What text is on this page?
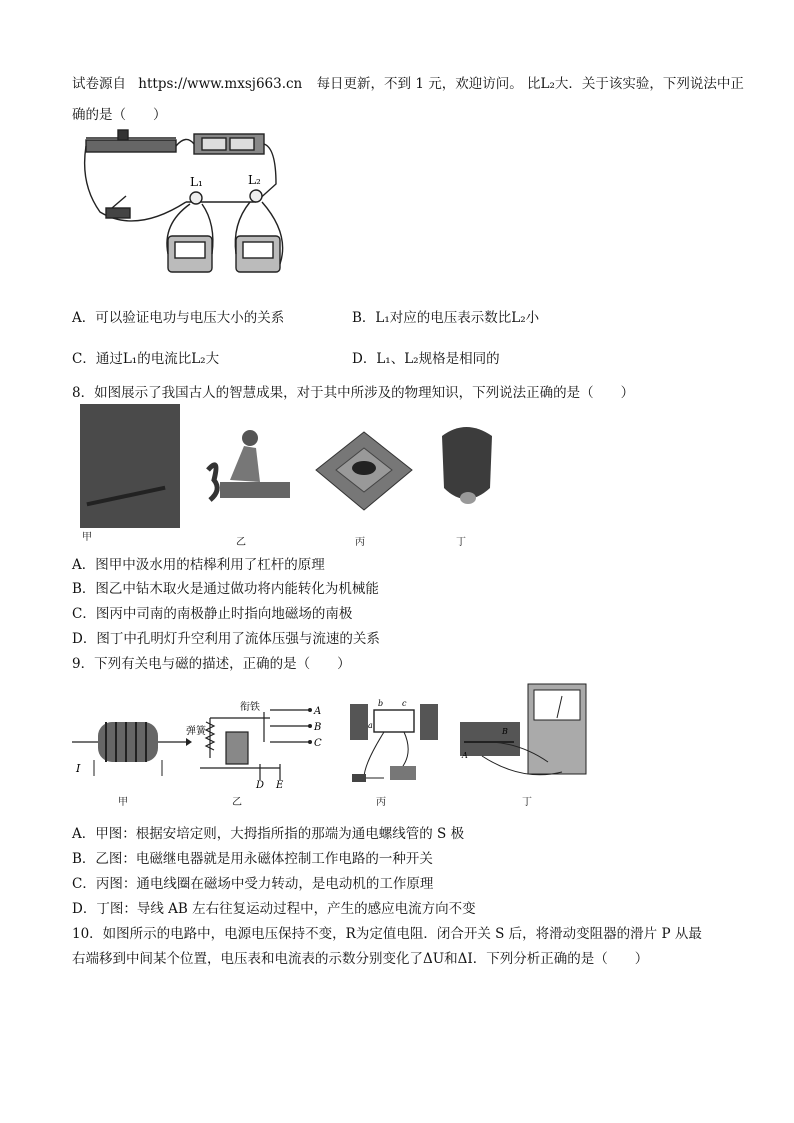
试卷源自 https://www.mxsj663.cn 每日更新，不到 1 元，欢迎访问。 比L₂大．关于该实验，下列说法中正
确的是（　　）
L₁	L₂
A．可以验证电功与电压大小的关系	B．L₁对应的电压表示数比L₂小
C．通过L₁的电流比L₂大	D．L₁、L₂规格是相同的
8．如图展示了我国古人的智慧成果，对于其中所涉及的物理知识，下列说法正确的是（　　）
甲	乙	丙	丁
A．图甲中汲水用的桔槔利用了杠杆的原理
B．图乙中钻木取火是通过做功将内能转化为机械能
C．图丙中司南的南极静止时指向地磁场的南极
D．图丁中孔明灯升空利用了流体压强与流速的关系
9．下列有关电与磁的描述，正确的是（　　）
I
衔铁
弹簧
A
B
C
D E
b c
a
A
B
甲	乙	丙	丁
A．甲图：根据安培定则，大拇指所指的那端为通电螺线管的 S 极
B．乙图：电磁继电器就是用永磁体控制工作电路的一种开关
C．丙图：通电线圈在磁场中受力转动，是电动机的工作原理
D．丁图：导线 AB 左右往复运动过程中，产生的感应电流方向不变
10．如图所示的电路中，电源电压保持不变，R为定值电阻．闭合开关 S 后，将滑动变阻器的滑片 P 从最
右端移到中间某个位置，电压表和电流表的示数分别变化了ΔU和ΔI．下列分析正确的是（　　）
